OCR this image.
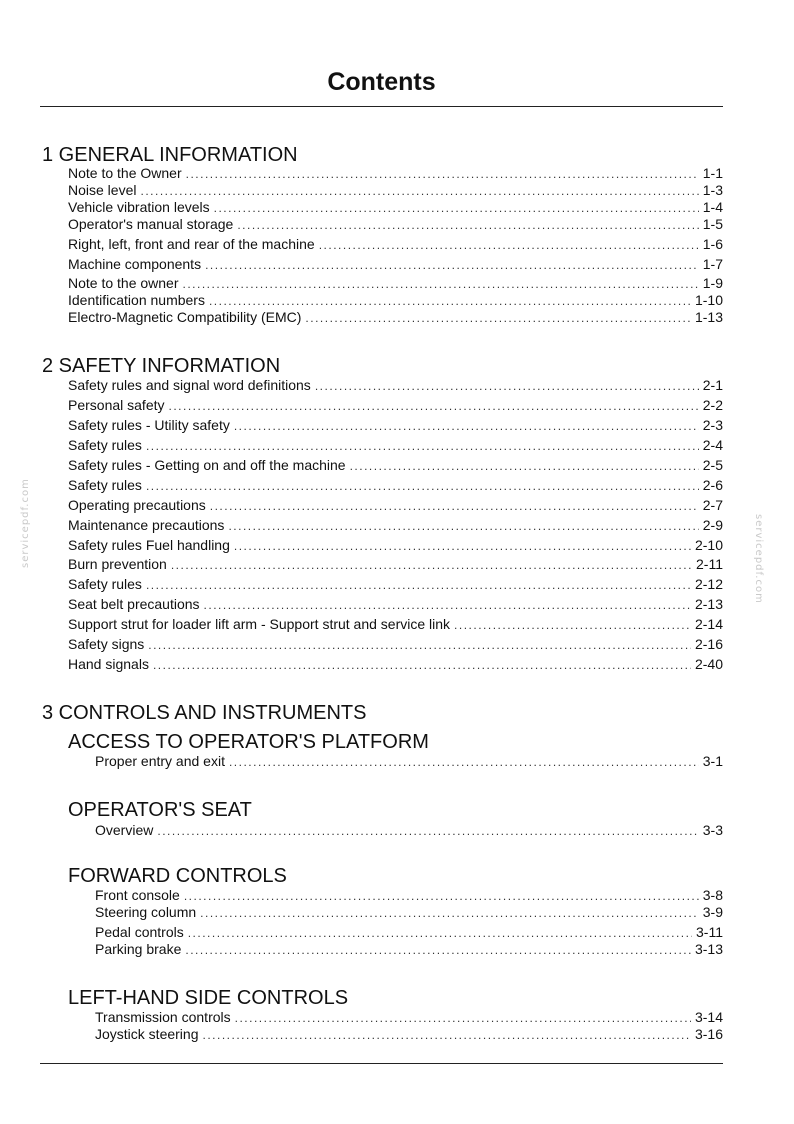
Contents
1 GENERAL INFORMATION
Note to the Owner .....	1-1
Noise level .....	1-3
Vehicle vibration levels .....	1-4
Operator's manual storage .....	1-5
Right, left, front and rear of the machine .....	1-6
Machine components .....	1-7
Note to the owner .....	1-9
Identification numbers .....	1-10
Electro-Magnetic Compatibility (EMC) .....	1-13
2 SAFETY INFORMATION
Safety rules and signal word definitions .....	2-1
Personal safety .....	2-2
Safety rules - Utility safety .....	2-3
Safety rules .....	2-4
Safety rules - Getting on and off the machine .....	2-5
Safety rules .....	2-6
Operating precautions .....	2-7
Maintenance precautions .....	2-9
Safety rules Fuel handling .....	2-10
Burn prevention .....	2-11
Safety rules .....	2-12
Seat belt precautions .....	2-13
Support strut for loader lift arm - Support strut and service link .....	2-14
Safety signs .....	2-16
Hand signals .....	2-40
3 CONTROLS AND INSTRUMENTS
ACCESS TO OPERATOR'S PLATFORM
Proper entry and exit .....	3-1
OPERATOR'S SEAT
Overview .....	3-3
FORWARD CONTROLS
Front console .....	3-8
Steering column .....	3-9
Pedal controls .....	3-11
Parking brake .....	3-13
LEFT-HAND SIDE CONTROLS
Transmission controls .....	3-14
Joystick steering .....	3-16
servicepdf.com	servicepdf.com
